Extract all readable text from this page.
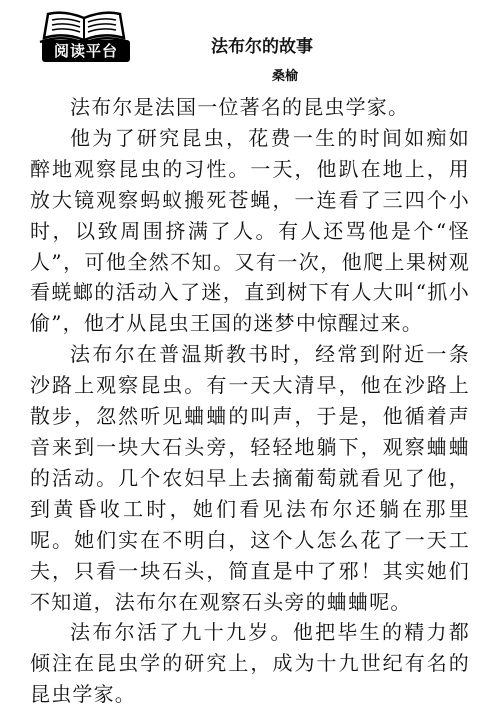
阅读平台	法布尔的故事
桑榆

法布尔是法国一位著名的昆虫学家。

他为了研究昆虫，花费一生的时间如痴如醉地观察昆虫的习性。一天，他趴在地上，用放大镜观察蚂蚁搬死苍蝇，一连看了三四个小时，以致周围挤满了人。有人还骂他是个“怪人”，可他全然不知。又有一次，他爬上果树观看蜣螂的活动入了迷，直到树下有人大叫“抓小偷”，他才从昆虫王国的迷梦中惊醒过来。

法布尔在普温斯教书时，经常到附近一条沙路上观察昆虫。有一天大清早，他在沙路上散步，忽然听见蛐蛐的叫声，于是，他循着声音来到一块大石头旁，轻轻地躺下，观察蛐蛐的活动。几个农妇早上去摘葡萄就看见了他，到黄昏收工时，她们看见法布尔还躺在那里呢。她们实在不明白，这个人怎么花了一天工夫，只看一块石头，简直是中了邪！其实她们不知道，法布尔在观察石头旁的蛐蛐呢。

法布尔活了九十九岁。他把毕生的精力都倾注在昆虫学的研究上，成为十九世纪有名的昆虫学家。
